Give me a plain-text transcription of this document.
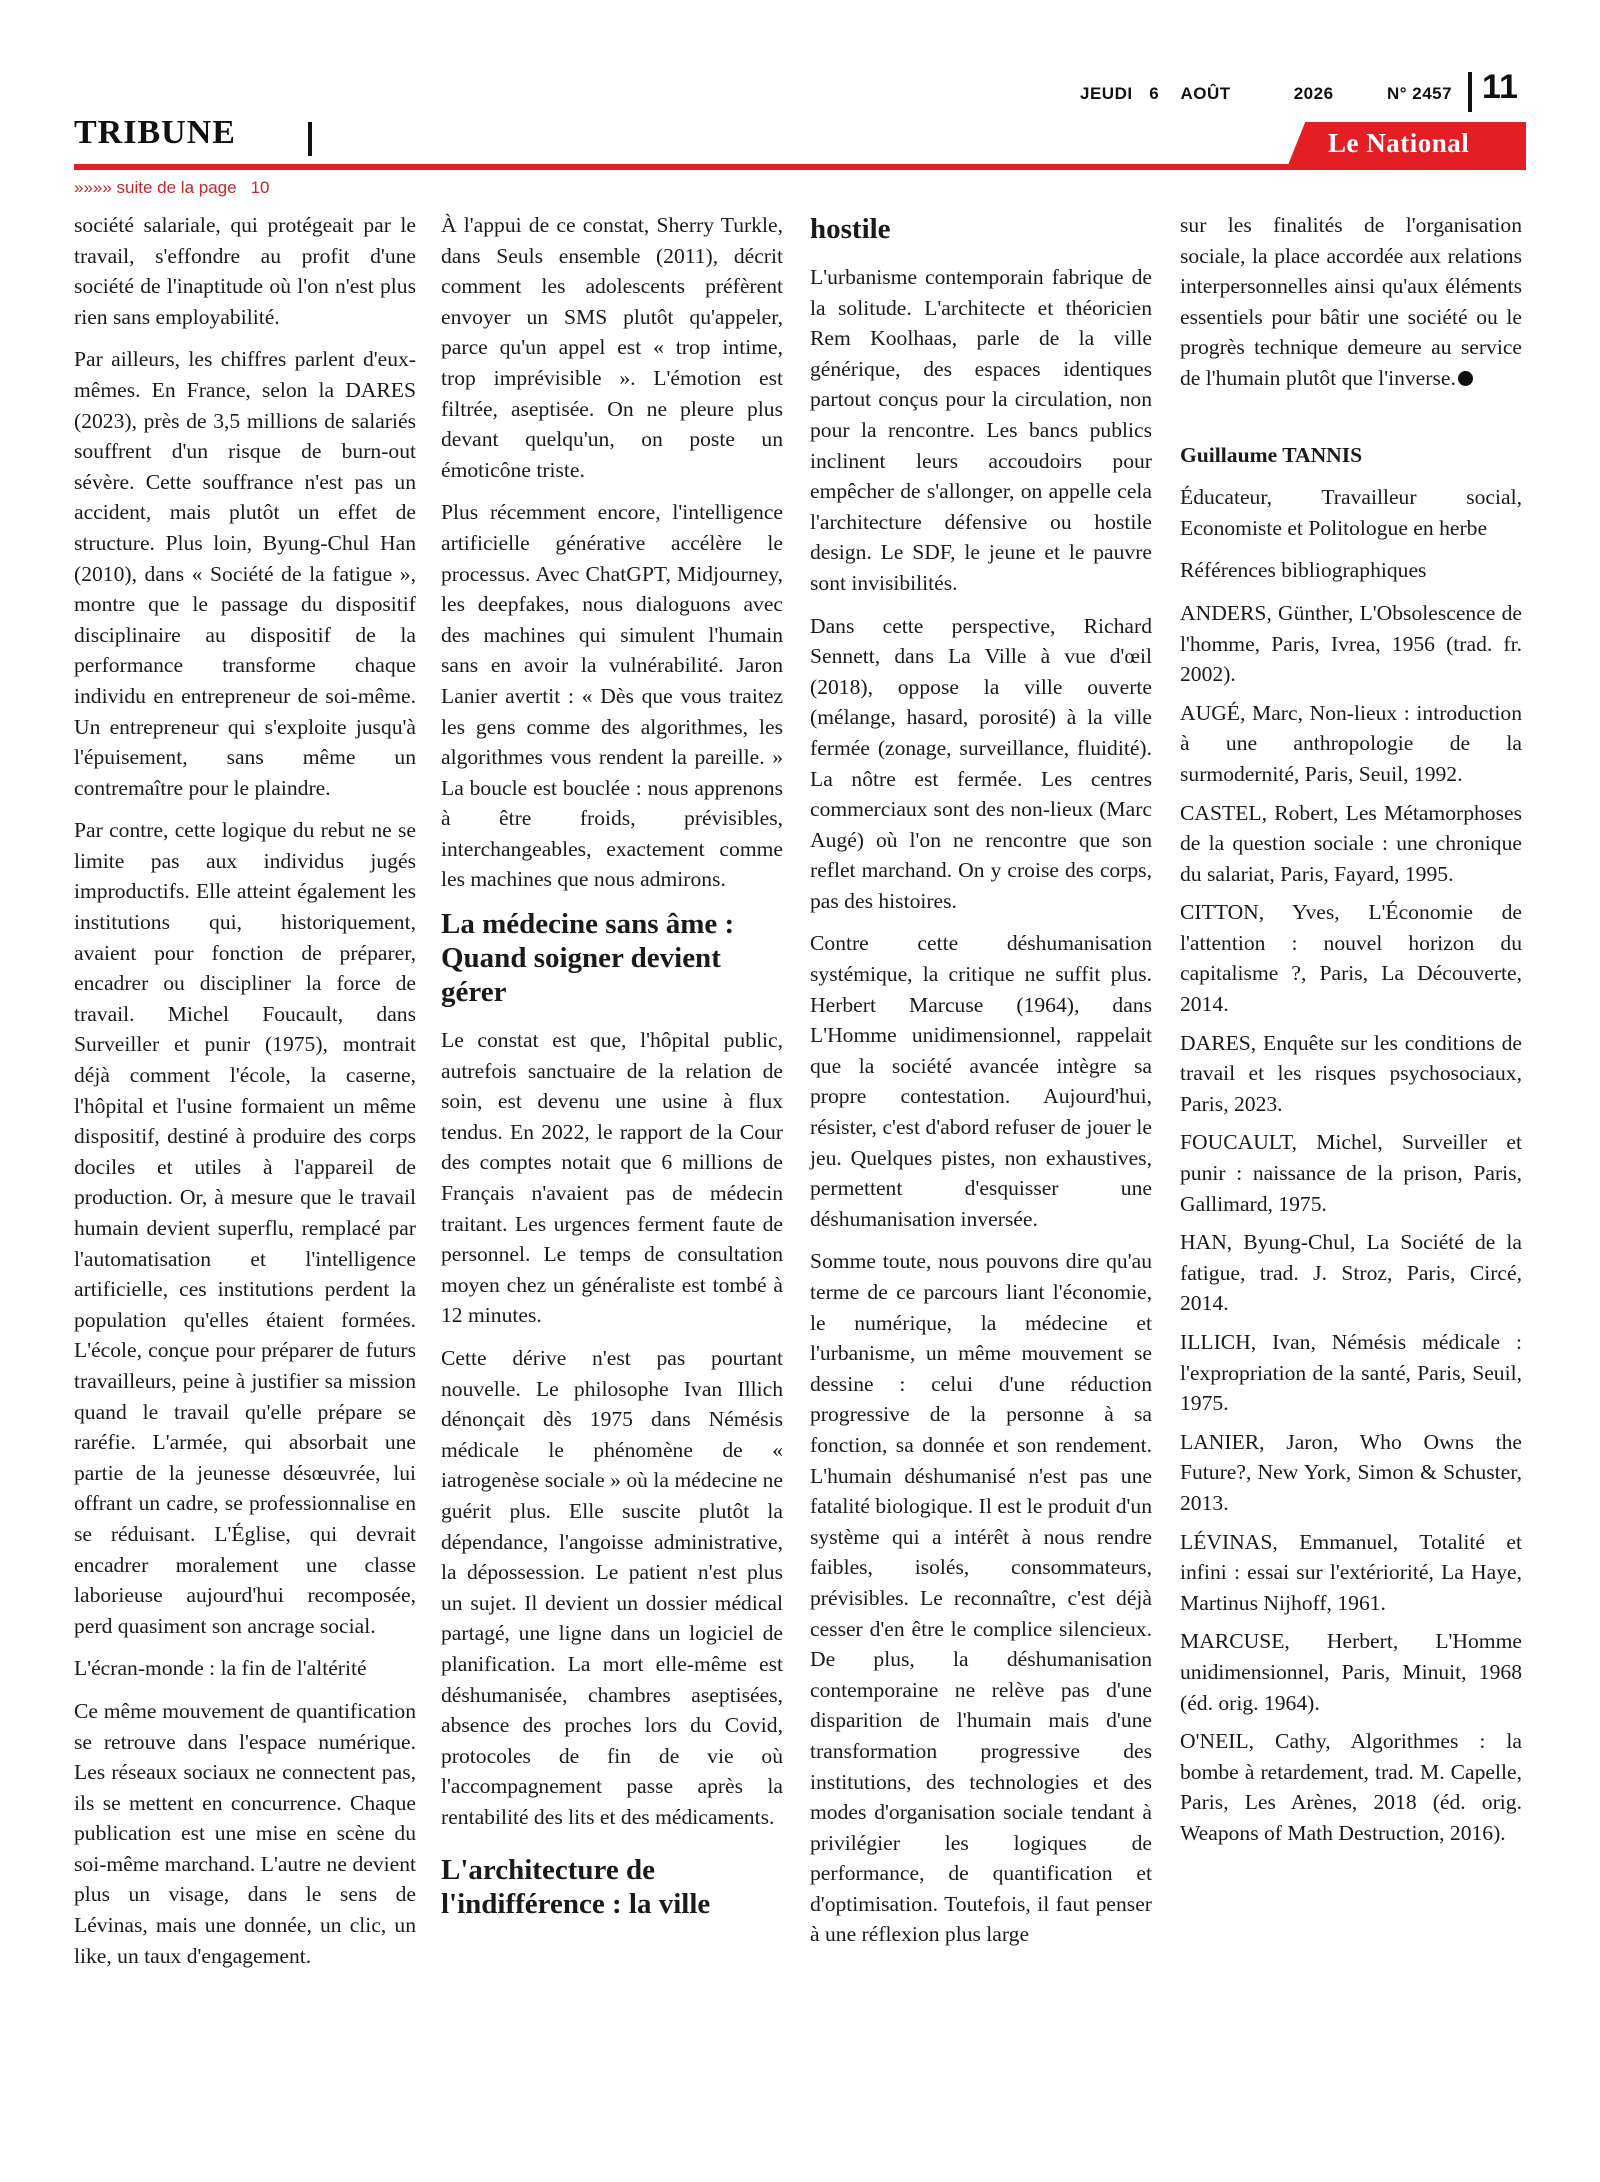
JEUDI 6 AOÛT	2026	N° 2457 11
TRIBUNE	Le National
»»»» suite de la page 10

société salariale, qui protégeait par le travail, s'effondre au profit d'une société de l'inaptitude où l'on n'est plus rien sans employabilité.

Par ailleurs, les chiffres parlent d'eux-mêmes. En France, selon la DARES (2023), près de 3,5 millions de salariés souffrent d'un risque de burn-out sévère. Cette souffrance n'est pas un accident, mais plutôt un effet de structure. Plus loin, Byung-Chul Han (2010), dans « Société de la fatigue », montre que le passage du dispositif disciplinaire au dispositif de la performance transforme chaque individu en entrepreneur de soi-même. Un entrepreneur qui s'exploite jusqu'à l'épuisement, sans même un contremaître pour le plaindre.

Par contre, cette logique du rebut ne se limite pas aux individus jugés improductifs. Elle atteint également les institutions qui, historiquement, avaient pour fonction de préparer, encadrer ou discipliner la force de travail. Michel Foucault, dans Surveiller et punir (1975), montrait déjà comment l'école, la caserne, l'hôpital et l'usine formaient un même dispositif, destiné à produire des corps dociles et utiles à l'appareil de production. Or, à mesure que le travail humain devient superflu, remplacé par l'automatisation et l'intelligence artificielle, ces institutions perdent la population qu'elles étaient formées. L'école, conçue pour préparer de futurs travailleurs, peine à justifier sa mission quand le travail qu'elle prépare se raréfie. L'armée, qui absorbait une partie de la jeunesse désœuvrée, lui offrant un cadre, se professionnalise en se réduisant. L'Église, qui devrait encadrer moralement une classe laborieuse aujourd'hui recomposée, perd quasiment son ancrage social.

L'écran-monde : la fin de l'altérité

Ce même mouvement de quantification se retrouve dans l'espace numérique. Les réseaux sociaux ne connectent pas, ils se mettent en concurrence. Chaque publication est une mise en scène du soi-même marchand. L'autre ne devient plus un visage, dans le sens de Lévinas, mais une donnée, un clic, un like, un taux d'engagement.

À l'appui de ce constat, Sherry Turkle, dans Seuls ensemble (2011), décrit comment les adolescents préfèrent envoyer un SMS plutôt qu'appeler, parce qu'un appel est « trop intime, trop imprévisible ». L'émotion est filtrée, aseptisée. On ne pleure plus devant quelqu'un, on poste un émoticône triste.

Plus récemment encore, l'intelligence artificielle générative accélère le processus. Avec ChatGPT, Midjourney, les deepfakes, nous dialoguons avec des machines qui simulent l'humain sans en avoir la vulnérabilité. Jaron Lanier avertit : « Dès que vous traitez les gens comme des algorithmes, les algorithmes vous rendent la pareille. » La boucle est bouclée : nous apprenons à être froids, prévisibles, interchangeables, exactement comme les machines que nous admirons.

La médecine sans âme : Quand soigner devient gérer

Le constat est que, l'hôpital public, autrefois sanctuaire de la relation de soin, est devenu une usine à flux tendus. En 2022, le rapport de la Cour des comptes notait que 6 millions de Français n'avaient pas de médecin traitant. Les urgences ferment faute de personnel. Le temps de consultation moyen chez un généraliste est tombé à 12 minutes.

Cette dérive n'est pas pourtant nouvelle. Le philosophe Ivan Illich dénonçait dès 1975 dans Némésis médicale le phénomène de « iatrogenèse sociale » où la médecine ne guérit plus. Elle suscite plutôt la dépendance, l'angoisse administrative, la dépossession. Le patient n'est plus un sujet. Il devient un dossier médical partagé, une ligne dans un logiciel de planification. La mort elle-même est déshumanisée, chambres aseptisées, absence des proches lors du Covid, protocoles de fin de vie où l'accompagnement passe après la rentabilité des lits et des médicaments.

L'architecture de l'indifférence : la ville
hostile

L'urbanisme contemporain fabrique de la solitude. L'architecte et théoricien Rem Koolhaas, parle de la ville générique, des espaces identiques partout conçus pour la circulation, non pour la rencontre. Les bancs publics inclinent leurs accoudoirs pour empêcher de s'allonger, on appelle cela l'architecture défensive ou hostile design. Le SDF, le jeune et le pauvre sont invisibilités.

Dans cette perspective, Richard Sennett, dans La Ville à vue d'œil (2018), oppose la ville ouverte (mélange, hasard, porosité) à la ville fermée (zonage, surveillance, fluidité). La nôtre est fermée. Les centres commerciaux sont des non-lieux (Marc Augé) où l'on ne rencontre que son reflet marchand. On y croise des corps, pas des histoires.

Contre cette déshumanisation systémique, la critique ne suffit plus. Herbert Marcuse (1964), dans L'Homme unidimensionnel, rappelait que la société avancée intègre sa propre contestation. Aujourd'hui, résister, c'est d'abord refuser de jouer le jeu. Quelques pistes, non exhaustives, permettent d'esquisser une déshumanisation inversée.

Somme toute, nous pouvons dire qu'au terme de ce parcours liant l'économie, le numérique, la médecine et l'urbanisme, un même mouvement se dessine : celui d'une réduction progressive de la personne à sa fonction, sa donnée et son rendement. L'humain déshumanisé n'est pas une fatalité biologique. Il est le produit d'un système qui a intérêt à nous rendre faibles, isolés, consommateurs, prévisibles. Le reconnaître, c'est déjà cesser d'en être le complice silencieux. De plus, la déshumanisation contemporaine ne relève pas d'une disparition de l'humain mais d'une transformation progressive des institutions, des technologies et des modes d'organisation sociale tendant à privilégier les logiques de performance, de quantification et d'optimisation. Toutefois, il faut penser à une réflexion plus large

sur les finalités de l'organisation sociale, la place accordée aux relations interpersonnelles ainsi qu'aux éléments essentiels pour bâtir une société ou le progrès technique demeure au service de l'humain plutôt que l'inverse.

Guillaume TANNIS

Éducateur, Travailleur social, Economiste et Politologue en herbe

Références bibliographiques

ANDERS, Günther, L'Obsolescence de l'homme, Paris, Ivrea, 1956 (trad. fr. 2002).

AUGÉ, Marc, Non-lieux : introduction à une anthropologie de la surmodernité, Paris, Seuil, 1992.

CASTEL, Robert, Les Métamorphoses de la question sociale : une chronique du salariat, Paris, Fayard, 1995.

CITTON, Yves, L'Économie de l'attention : nouvel horizon du capitalisme ?, Paris, La Découverte, 2014.

DARES, Enquête sur les conditions de travail et les risques psychosociaux, Paris, 2023.

FOUCAULT, Michel, Surveiller et punir : naissance de la prison, Paris, Gallimard, 1975.

HAN, Byung-Chul, La Société de la fatigue, trad. J. Stroz, Paris, Circé, 2014.

ILLICH, Ivan, Némésis médicale : l'expropriation de la santé, Paris, Seuil, 1975.

LANIER, Jaron, Who Owns the Future?, New York, Simon & Schuster, 2013.

LÉVINAS, Emmanuel, Totalité et infini : essai sur l'extériorité, La Haye, Martinus Nijhoff, 1961.

MARCUSE, Herbert, L'Homme unidimensionnel, Paris, Minuit, 1968 (éd. orig. 1964).

O'NEIL, Cathy, Algorithmes : la bombe à retardement, trad. M. Capelle, Paris, Les Arènes, 2018 (éd. orig. Weapons of Math Destruction, 2016).
